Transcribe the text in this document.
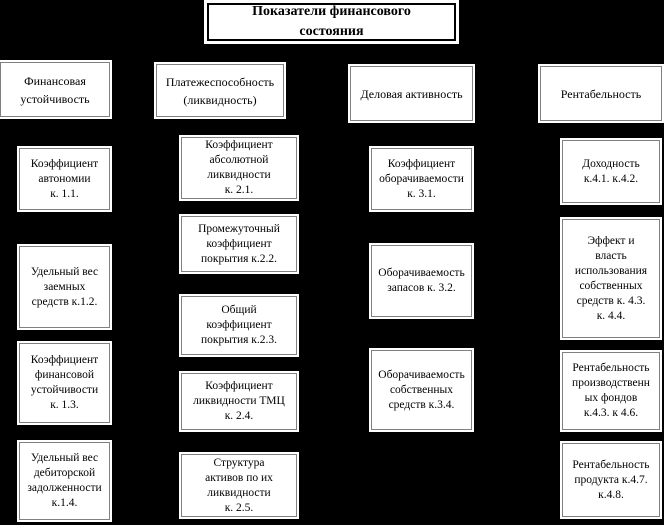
Показатели финансового
состояния
Финансовая
устойчивость
Платежеспособность
(ликвидность)	Деловая активность	Рентабельность
Коэффициент
автономии
к. 1.1.
Удельный вес
заемных
средств к.1.2.
Коэффициент
финансовой
устойчивости
к. 1.3.
Удельный вес
дебиторской
задолженности
к.1.4.
Коэффициент
абсолютной
ликвидности
к. 2.1.
Промежуточный
коэффициент
покрытия к.2.2.
Общий
коэффициент
покрытия к.2.3.
Коэффициент
ликвидности ТМЦ
к. 2.4.
Структура
активов по их
ликвидности
к. 2.5.
Коэффициент
оборачиваемости
к. 3.1.
Оборачиваемость
запасов к. 3.2.
Оборачиваемость
собственных
средств к.3.4.
Доходность
к.4.1. к.4.2.
Эффект и
власть
использования
собственных
средств к. 4.3.
к. 4.4.
Рентабельность
производственн
ых фондов
к.4.3. к 4.6.
Рентабельность
продукта к.4.7.
к.4.8.
